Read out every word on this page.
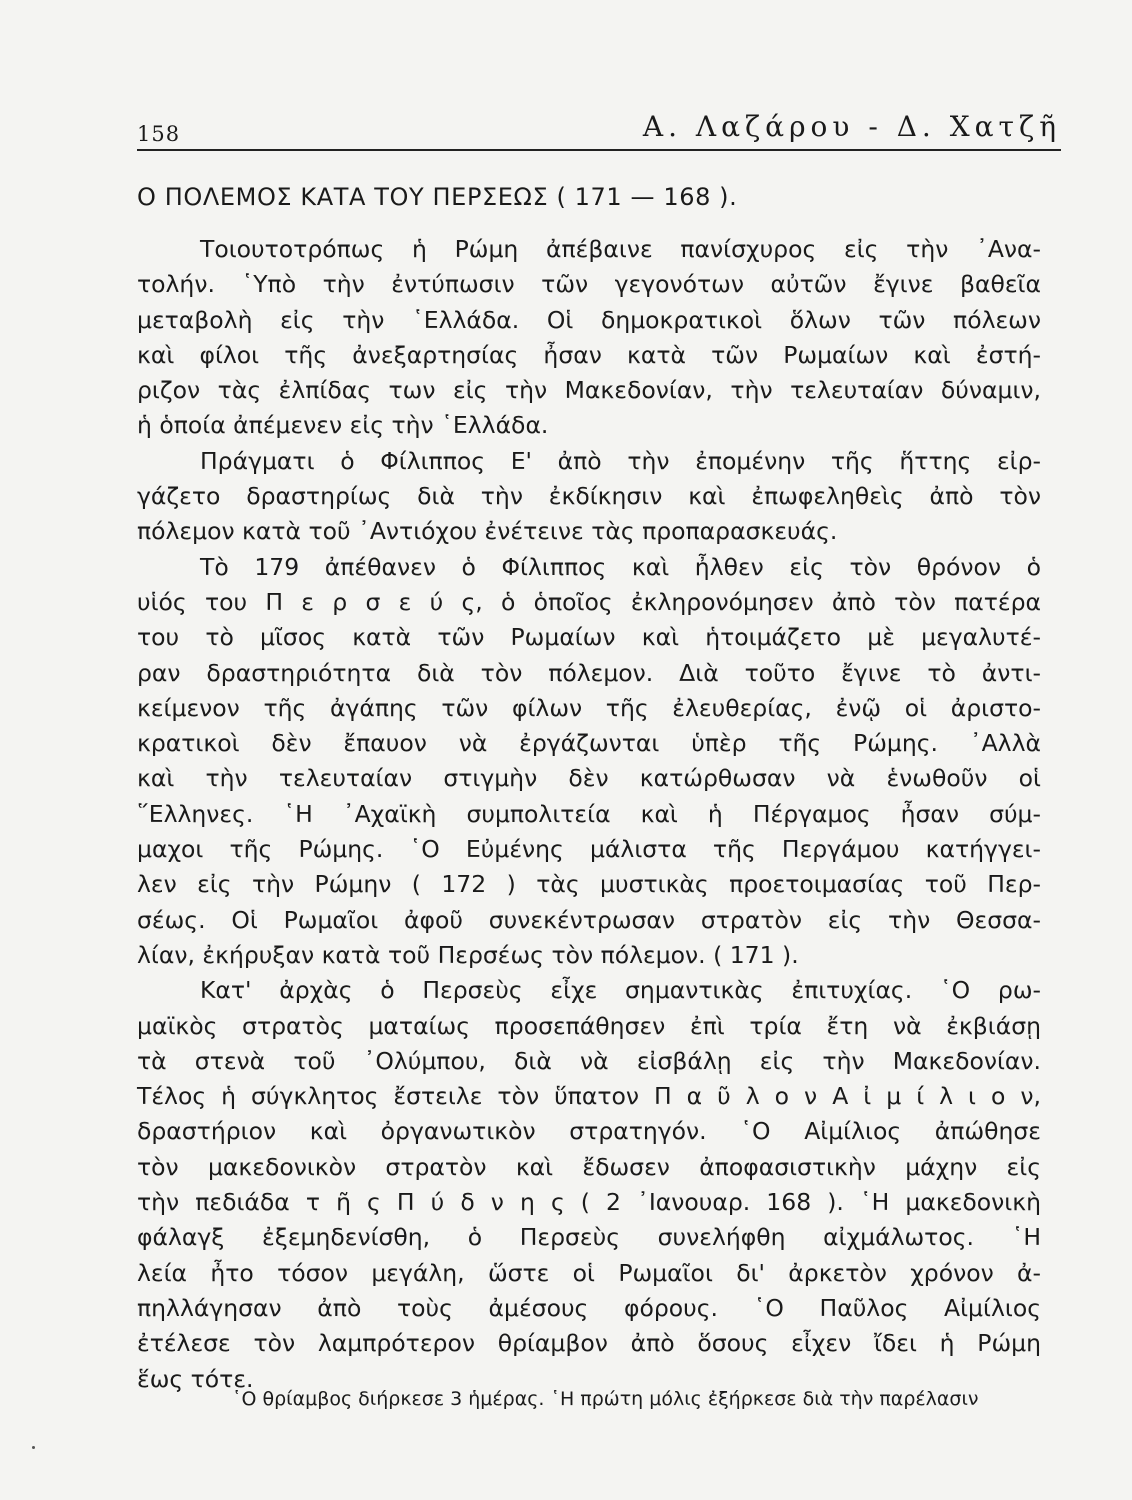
158	Α. Λαζάρου - Δ. Χατζῆ
Ο ΠΟΛΕΜΟΣ ΚΑΤΑ ΤΟΥ ΠΕΡΣΕΩΣ ( 171 — 168 ).
Τοιουτοτρόπως ἡ Ρώμη ἀπέβαινε πανίσχυρος εἰς τὴν ᾿Ανα-
τολήν. ῾Υπὸ τὴν ἐντύπωσιν τῶν γεγονότων αὐτῶν ἔγινε βαθεῖα
μεταβολὴ εἰς τὴν ῾Ελλάδα. Οἱ δημοκρατικοὶ ὅλων τῶν πόλεων
καὶ φίλοι τῆς ἀνεξαρτησίας ἦσαν κατὰ τῶν Ρωμαίων καὶ ἐστή-
ριζον τὰς ἐλπίδας των εἰς τὴν Μακεδονίαν, τὴν τελευταίαν δύναμιν,
ἡ ὁποία ἀπέμενεν εἰς τὴν ῾Ελλάδα.
Πράγματι ὁ Φίλιππος Ε' ἀπὸ τὴν ἐπομένην τῆς ἥττης εἰρ-
γάζετο δραστηρίως διὰ τὴν ἐκδίκησιν καὶ ἐπωφεληθεὶς ἀπὸ τὸν
πόλεμον κατὰ τοῦ ᾿Αντιόχου ἐνέτεινε τὰς προπαρασκευάς.
Τὸ 179 ἀπέθανεν ὁ Φίλιππος καὶ ἦλθεν εἰς τὸν θρόνον ὁ
υἱός του Π ε ρ σ ε ύ ς, ὁ ὁποῖος ἐκληρονόμησεν ἀπὸ τὸν πατέρα
του τὸ μῖσος κατὰ τῶν Ρωμαίων καὶ ἡτοιμάζετο μὲ μεγαλυτέ-
ραν δραστηριότητα διὰ τὸν πόλεμον. Διὰ τοῦτο ἔγινε τὸ ἀντι-
κείμενον τῆς ἀγάπης τῶν φίλων τῆς ἐλευθερίας, ἐνῷ οἱ ἀριστο-
κρατικοὶ δὲν ἔπαυον νὰ ἐργάζωνται ὑπὲρ τῆς Ρώμης. ᾿Αλλὰ
καὶ τὴν τελευταίαν στιγμὴν δὲν κατώρθωσαν νὰ ἑνωθοῦν οἱ
῞Ελληνες. ῾Η ᾿Αχαϊκὴ συμπολιτεία καὶ ἡ Πέργαμος ἦσαν σύμ-
μαχοι τῆς Ρώμης. ῾Ο Εὐμένης μάλιστα τῆς Περγάμου κατήγγει-
λεν εἰς τὴν Ρώμην ( 172 ) τὰς μυστικὰς προετοιμασίας τοῦ Περ-
σέως. Οἱ Ρωμαῖοι ἀφοῦ συνεκέντρωσαν στρατὸν εἰς τὴν Θεσσα-
λίαν, ἐκήρυξαν κατὰ τοῦ Περσέως τὸν πόλεμον. ( 171 ).
Κατ' ἀρχὰς ὁ Περσεὺς εἶχε σημαντικὰς ἐπιτυχίας. ῾Ο ρω-
μαϊκὸς στρατὸς ματαίως προσεπάθησεν ἐπὶ τρία ἔτη νὰ ἐκβιάσῃ
τὰ στενὰ τοῦ ᾿Ολύμπου, διὰ νὰ εἰσβάλῃ εἰς τὴν Μακεδονίαν.
Τέλος ἡ σύγκλητος ἔστειλε τὸν ὕπατον Π α ῦ λ ο ν Α ἰ μ ί λ ι ο ν,
δραστήριον καὶ ὀργανωτικὸν στρατηγόν. ῾Ο Αἰμίλιος ἀπώθησε
τὸν μακεδονικὸν στρατὸν καὶ ἔδωσεν ἀποφασιστικὴν μάχην εἰς
τὴν πεδιάδα τ ῆ ς Π ύ δ ν η ς ( 2 ᾿Ιανουαρ. 168 ). ῾Η μακεδονικὴ
φάλαγξ ἐξεμηδενίσθη, ὁ Περσεὺς συνελήφθη αἰχμάλωτος. ῾Η
λεία ἦτο τόσον μεγάλη, ὥστε οἱ Ρωμαῖοι δι' ἀρκετὸν χρόνον ἀ-
πηλλάγησαν ἀπὸ τοὺς ἀμέσους φόρους. ῾Ο Παῦλος Αἰμίλιος
ἐτέλεσε τὸν λαμπρότερον θρίαμβον ἀπὸ ὅσους εἶχεν ἴδει ἡ Ρώμη
ἕως τότε.
῾Ο θρίαμβος διήρκεσε 3 ἡμέρας. ῾Η πρώτη μόλις ἐξήρκεσε διὰ τὴν παρέλασιν
